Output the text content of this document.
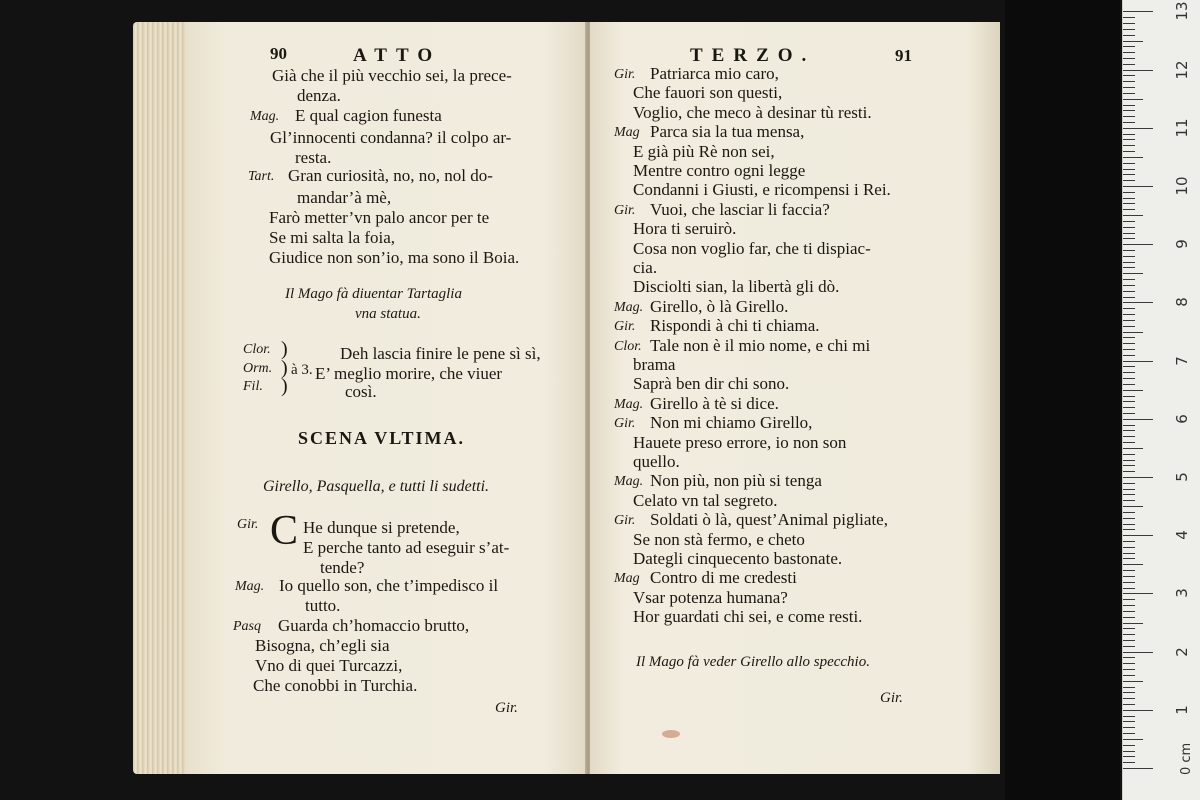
0 cm
1
2
3
4
5
6
7
8
9
10
11
12
13
90	ATTO
Già che il più vecchio sei, la prece-
denza.
Mag. E qual cagion funesta
Gl’innocenti condanna? il colpo ar-
resta.
Tart. Gran curiosità, no, no, nol do-
mandar’à mè,
Farò metter’vn palo ancor per te
Se mi salta la foia,
Giudice non son’io, ma sono il Boia.
Il Mago fà diuentar Tartaglia
vna statua.
Clor.
Orm.
Fil.
)
)
)
à 3.
Deh lascia finire le pene sì sì,
E’ meglio morire, che viuer
così.
SCENA VLTIMA.
Girello, Pasquella, e tutti li sudetti.
Gir. C He dunque si pretende,
E perche tanto ad eseguir s’at-
tende?
Mag. Io quello son, che t’impedisco il
tutto.
Pasq Guarda ch’homaccio brutto,
Bisogna, ch’egli sia
Vno di quei Turcazzi,
Che conobbi in Turchia.
Gir.
TERZO.	91
Gir. Patriarca mio caro,
Che fauori son questi,
Voglio, che meco à desinar tù resti.
Mag Parca sia la tua mensa,
E già più Rè non sei,
Mentre contro ogni legge
Condanni i Giusti, e ricompensi i Rei.
Gir. Vuoi, che lasciar li faccia?
Hora ti seruirò.
Cosa non voglio far, che ti dispiac-
cia.
Disciolti sian, la libertà gli dò.
Mag. Girello, ò là Girello.
Gir. Rispondi à chi ti chiama.
Clor. Tale non è il mio nome, e chi mi
brama
Saprà ben dir chi sono.
Mag. Girello à tè si dice.
Gir. Non mi chiamo Girello,
Hauete preso errore, io non son
quello.
Mag. Non più, non più si tenga
Celato vn tal segreto.
Gir. Soldati ò là, quest’Animal pigliate,
Se non stà fermo, e cheto
Dategli cinquecento bastonate.
Mag Contro di me credesti
Vsar potenza humana?
Hor guardati chi sei, e come resti.
Il Mago fà veder Girello allo specchio.
Gir.
